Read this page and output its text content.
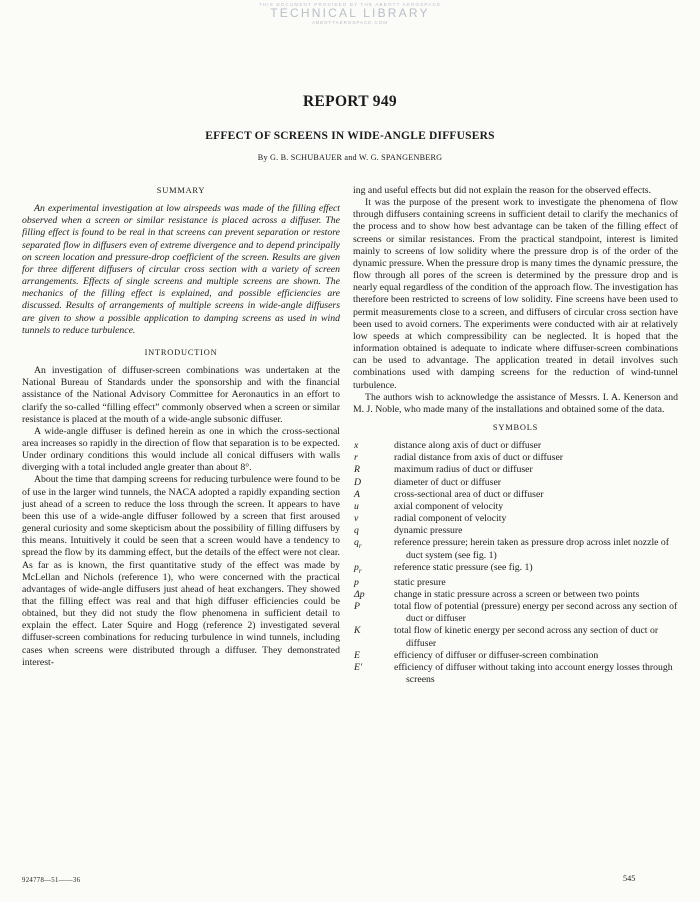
THIS DOCUMENT PROVIDED BY THE ABBOTT AEROSPACE
TECHNICAL LIBRARY
ABBOTTAEROSPACE.COM
REPORT 949
EFFECT OF SCREENS IN WIDE-ANGLE DIFFUSERS
By G. B. SCHUBAUER and W. G. SPANGENBERG
SUMMARY

An experimental investigation at low airspeeds was made of the filling effect observed when a screen or similar resistance is placed across a diffuser. The filling effect is found to be real in that screens can prevent separation or restore separated flow in diffusers even of extreme divergence and to depend principally on screen location and pressure-drop coefficient of the screen. Results are given for three different diffusers of circular cross section with a variety of screen arrangements. Effects of single screens and multiple screens are shown. The mechanics of the filling effect is explained, and possible efficiencies are discussed. Results of arrangements of multiple screens in wide-angle diffusers are given to show a possible application to damping screens as used in wind tunnels to reduce turbulence.

INTRODUCTION

An investigation of diffuser-screen combinations was undertaken at the National Bureau of Standards under the sponsorship and with the financial assistance of the National Advisory Committee for Aeronautics in an effort to clarify the so-called “filling effect” commonly observed when a screen or similar resistance is placed at the mouth of a wide-angle subsonic diffuser.

A wide-angle diffuser is defined herein as one in which the cross-sectional area increases so rapidly in the direction of flow that separation is to be expected. Under ordinary conditions this would include all conical diffusers with walls diverging with a total included angle greater than about 8°.

About the time that damping screens for reducing turbulence were found to be of use in the larger wind tunnels, the NACA adopted a rapidly expanding section just ahead of a screen to reduce the loss through the screen. It appears to have been this use of a wide-angle diffuser followed by a screen that first aroused general curiosity and some skepticism about the possibility of filling diffusers by this means. Intuitively it could be seen that a screen would have a tendency to spread the flow by its damming effect, but the details of the effect were not clear. As far as is known, the first quantitative study of the effect was made by McLellan and Nichols (reference 1), who were concerned with the practical advantages of wide-angle diffusers just ahead of heat exchangers. They showed that the filling effect was real and that high diffuser efficiencies could be obtained, but they did not study the flow phenomena in sufficient detail to explain the effect. Later Squire and Hogg (reference 2) investigated several diffuser-screen combinations for reducing turbulence in wind tunnels, including cases when screens were distributed through a diffuser. They demonstrated interest-

ing and useful effects but did not explain the reason for the observed effects.

It was the purpose of the present work to investigate the phenomena of flow through diffusers containing screens in sufficient detail to clarify the mechanics of the process and to show how best advantage can be taken of the filling effect of screens or similar resistances. From the practical standpoint, interest is limited mainly to screens of low solidity where the pressure drop is of the order of the dynamic pressure. When the pressure drop is many times the dynamic pressure, the flow through all pores of the screen is determined by the pressure drop and is nearly equal regardless of the condition of the approach flow. The investigation has therefore been restricted to screens of low solidity. Fine screens have been used to permit measurements close to a screen, and diffusers of circular cross section have been used to avoid corners. The experiments were conducted with air at relatively low speeds at which compressibility can be neglected. It is hoped that the information obtained is adequate to indicate where diffuser-screen combinations can be used to advantage. The application treated in detail involves such combinations used with damping screens for the reduction of wind-tunnel turbulence.

The authors wish to acknowledge the assistance of Messrs. I. A. Kenerson and M. J. Noble, who made many of the installations and obtained some of the data.

SYMBOLS
x	distance along axis of duct or diffuser
r	radial distance from axis of duct or diffuser
R	maximum radius of duct or diffuser
D	diameter of duct or diffuser
A	cross-sectional area of duct or diffuser
u	axial component of velocity
v	radial component of velocity
q	dynamic pressure
$q_r$	reference pressure; herein taken as pressure drop across inlet nozzle of duct system (see fig. 1)
$p_r$	reference static pressure (see fig. 1)
p	static presure
Δp	change in static pressure across a screen or between two points
P	total flow of potential (pressure) energy per second across any section of duct or diffuser
K	total flow of kinetic energy per second across any section of duct or diffuser
E	efficiency of diffuser or diffuser-screen combination
E′	efficiency of diffuser without taking into account energy losses through screens
924778—51——36	545
